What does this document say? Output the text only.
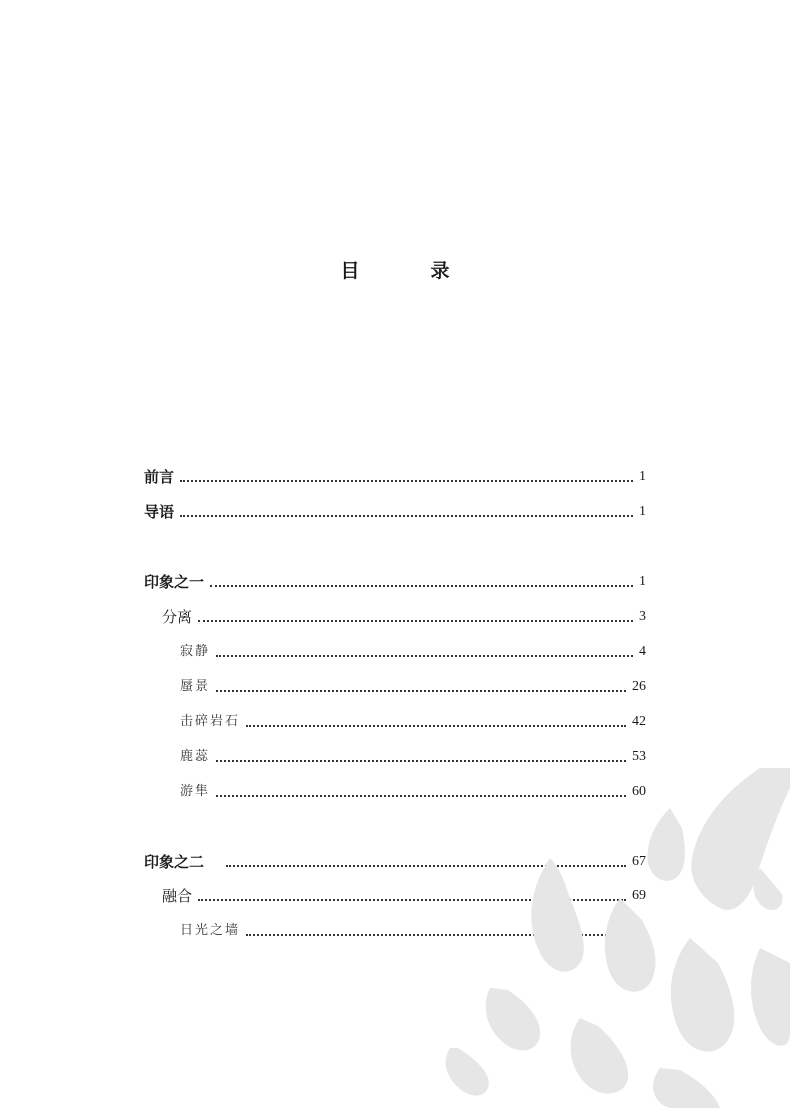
目　录
前言	1
导语	1
印象之一	1
分离	3
寂静	4
蜃景	26
击碎岩石	42
鹿蕊	53
游隼	60
印象之二	67
融合	69
日光之墙
